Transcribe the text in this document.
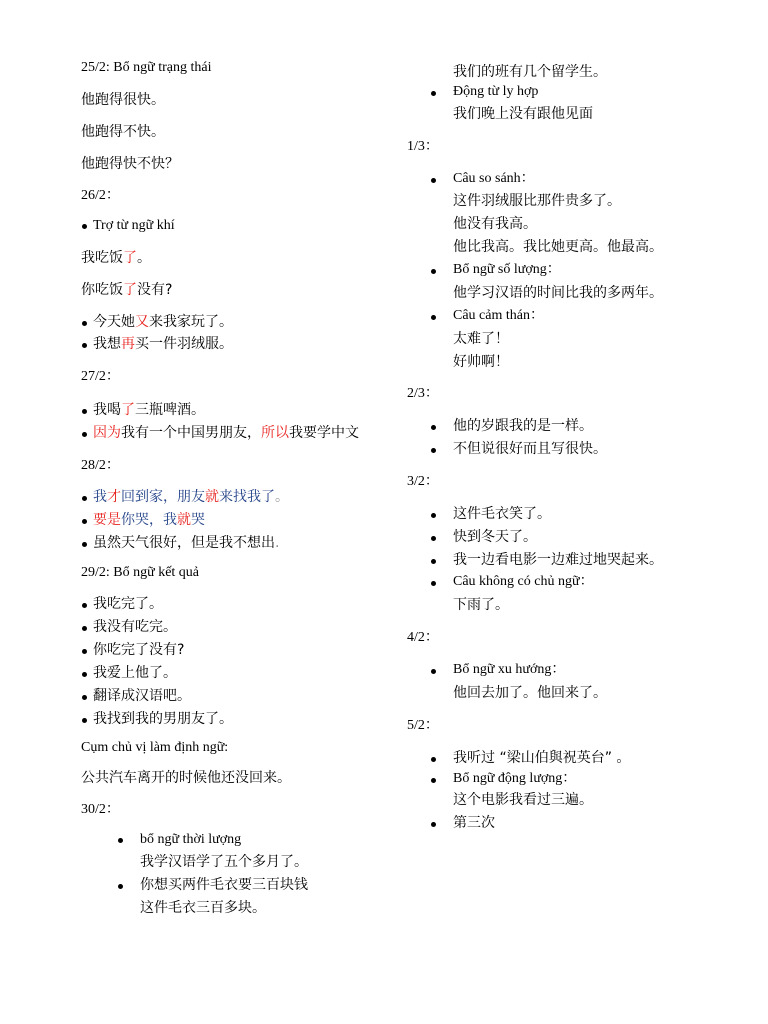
25/2: Bổ ngữ trạng thái
他跑得很快。
他跑得不快。
他跑得快不快？
26/2：
Trợ từ ngữ khí
我吃饭了。
你吃饭了没有?
今天她又来我家玩了。
我想再买一件羽绒服。
27/2：
我喝了三瓶啤酒。
因为我有一个中国男朋友，所以我要学中文
28/2：
我才回到家，朋友就来找我了。
要是你哭，我就哭
虽然天气很好，但是我不想出.
29/2: Bổ ngữ kết quả
我吃完了。
我没有吃完。
你吃完了没有?
我爱上他了。
翻译成汉语吧。
我找到我的男朋友了。
Cụm chủ vị làm định ngữ:
公共汽车离开的时候他还没回来。
30/2：
bổ ngữ thời lượng
我学汉语学了五个多月了。
你想买两件毛衣要三百块钱
这件毛衣三百多块。
我们的班有几个留学生。
Động từ ly hợp
我们晚上没有跟他见面
1/3：
Câu so sánh：
这件羽绒服比那件贵多了。
他没有我高。
他比我高。我比她更高。他最高。
Bổ ngữ số lượng：
他学习汉语的时间比我的多两年。
Câu cảm thán：
太难了！
好帅啊！
2/3：
他的岁跟我的是一样。
不但说很好而且写很快。
3/2：
这件毛衣笑了。
快到冬天了。
我一边看电影一边难过地哭起来。
Câu không có chủ ngữ：
下雨了。
4/2：
Bổ ngữ xu hướng：
他回去加了。他回来了。
5/2：
我听过 “梁山伯與祝英台” 。
Bổ ngữ động lượng：
这个电影我看过三遍。
第三次
